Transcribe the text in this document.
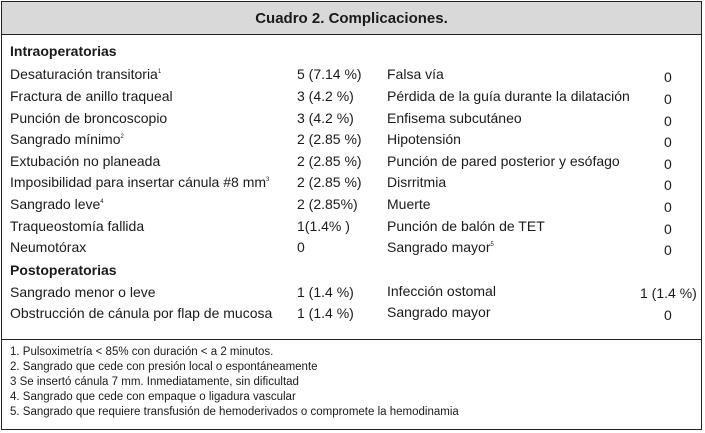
Cuadro 2. Complicaciones.
Intraoperatorias
Desaturación transitoria$^1$	5 (7.14 %) Falsa vía	0
Fractura de anillo traqueal	3 (4.2 %) Pérdida de la guía durante la dilatación 0
Punción de broncoscopio	3 (4.2 %) Enfisema subcutáneo	0
Sangrado mínimo$^2$	2 (2.85 %) Hipotensión	0
Extubación no planeada	2 (2.85 %) Punción de pared posterior y esófago	0
Imposibilidad para insertar cánula #8 $mm^3$ 2 (2.85 %) Disrritmia	0
Sangrado leve$^4$	2 (2.85%) Muerte	0
Traqueostomía fallida	1(1.4% )	Punción de balón de TET	0
Neumotórax	0	Sangrado mayor$^5$	0
Postoperatorias
Sangrado menor o leve	1 (1.4 %) Infección ostomal	1 (1.4 %)
Obstrucción de cánula por flap de mucosa 1 (1.4 %) Sangrado mayor	0
1. Pulsoximetría < 85% con duración < a 2 minutos.
2. Sangrado que cede con presión local o espontáneamente
3 Se insertó cánula 7 mm. Inmediatamente, sin dificultad
4. Sangrado que cede con empaque o ligadura vascular
5. Sangrado que requiere transfusión de hemoderivados o compromete la hemodinamia
